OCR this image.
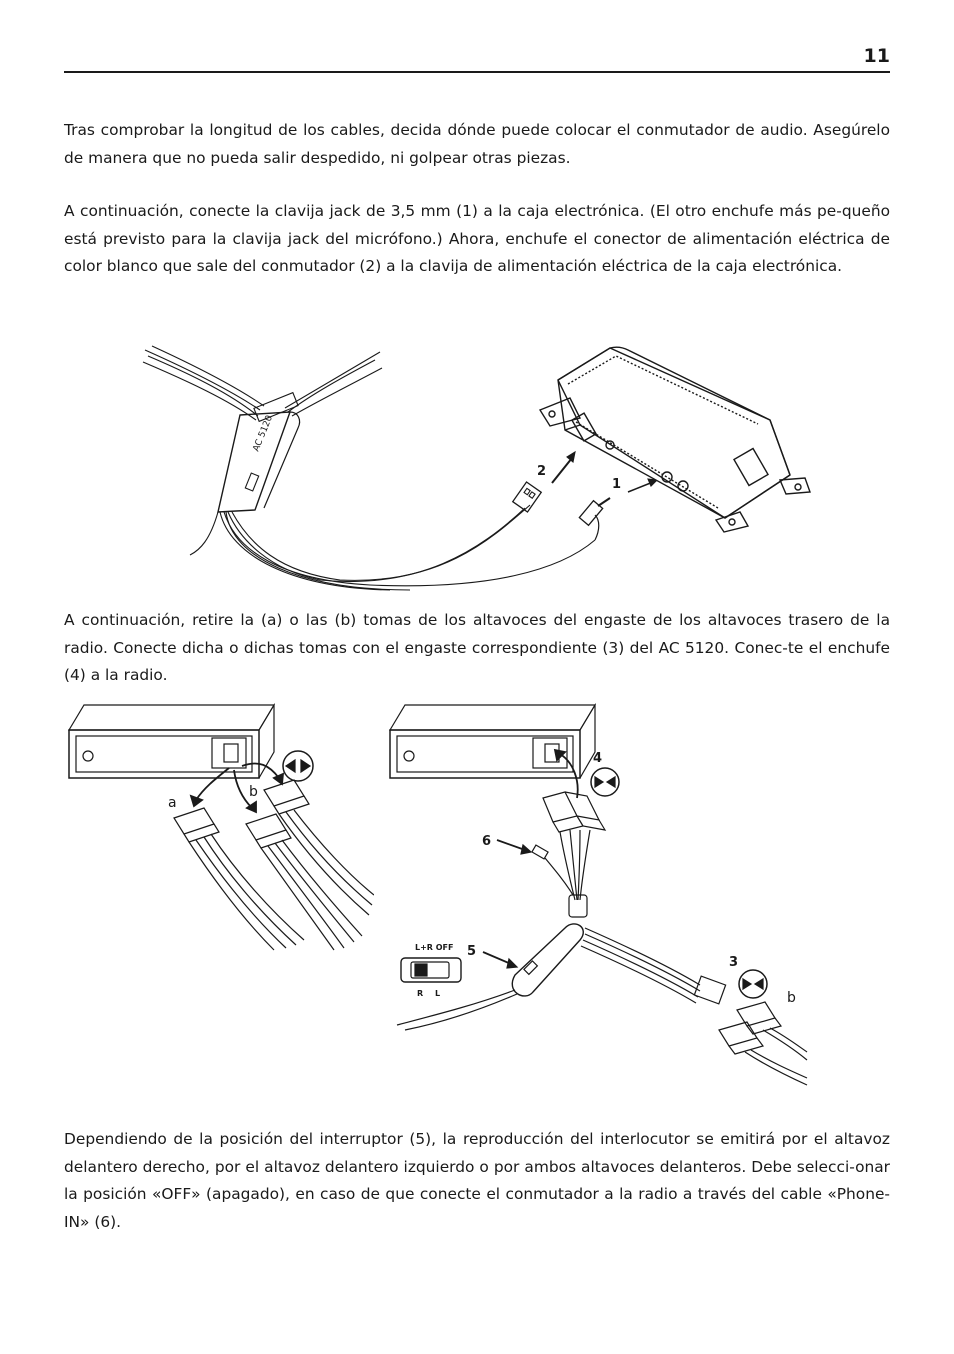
11

Tras comprobar la longitud de los cables, decida dónde puede colocar el conmutador de audio. Asegúrelo de manera que no pueda salir despedido, ni golpear otras piezas.

A continuación, conecte la clavija jack de 3,5 mm (1) a la caja electrónica. (El otro enchufe más pe-queño está previsto para la clavija jack del micrófono.) Ahora, enchufe el conector de alimentación eléctrica de color blanco que sale del conmutador (2) a la clavija de alimentación eléctrica de la caja electrónica.

AC 5120
2
1

A continuación, retire la (a) o las (b) tomas de los altavoces del engaste de los altavoces trasero de la radio. Conecte dicha o dichas tomas con el engaste correspondiente (3) del AC 5120. Conec-te el enchufe (4) a la radio.

a
b
4
6
5
L+R OFF
R L
3
b

Dependiendo de la posición del interruptor (5), la reproducción del interlocutor se emitirá por el altavoz delantero derecho, por el altavoz delantero izquierdo o por ambos altavoces delanteros. Debe selecci-onar la posición «OFF» (apagado), en caso de que conecte el conmutador a la radio a través del cable «Phone-IN» (6).
